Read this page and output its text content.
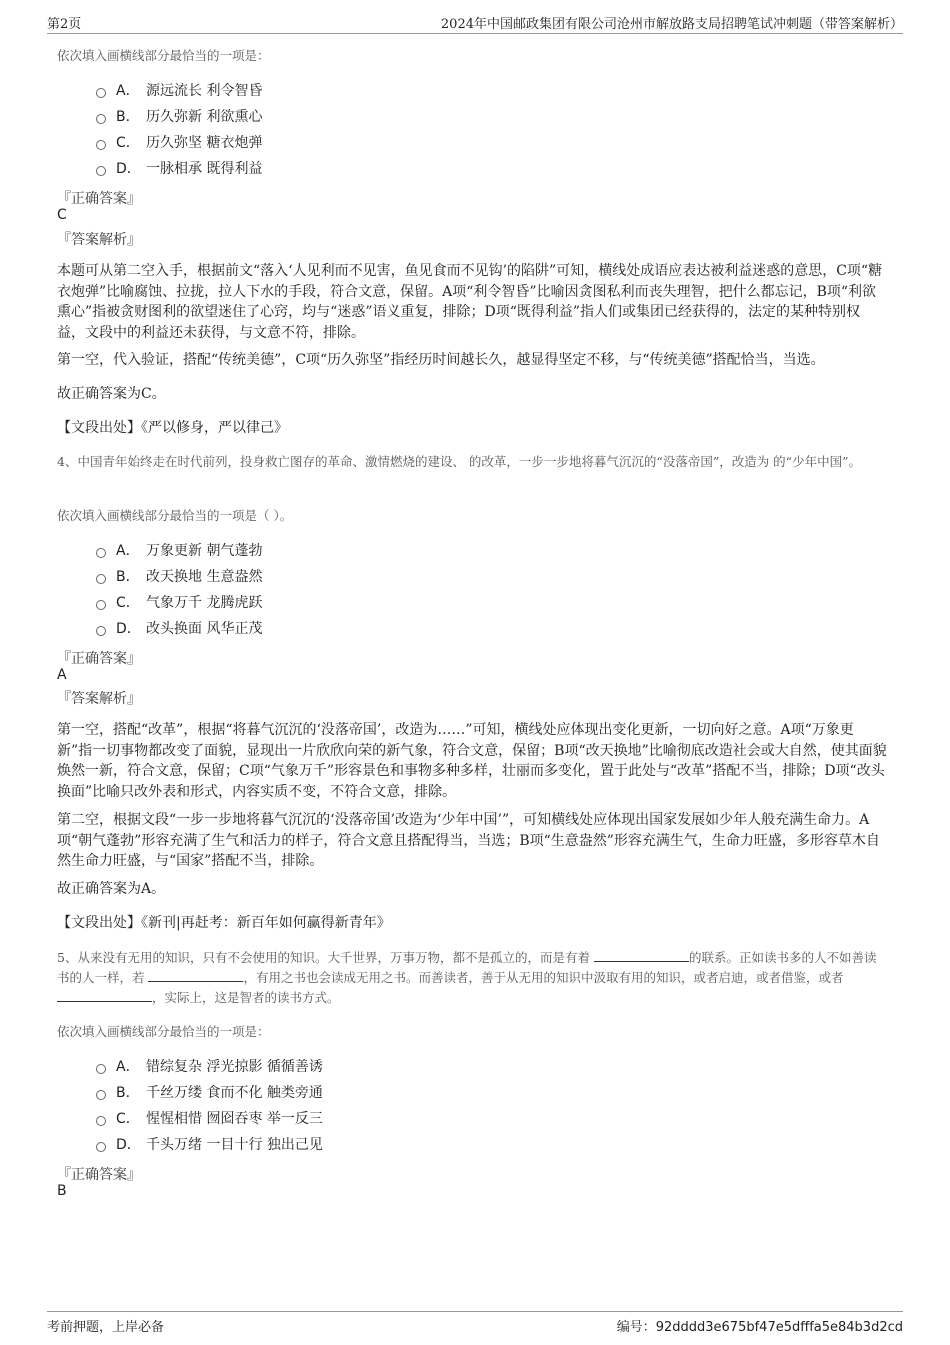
第2页	2024年中国邮政集团有限公司沧州市解放路支局招聘笔试冲刺题（带答案解析）
依次填入画横线部分最恰当的一项是：
A． 源远流长 利令智昏
B． 历久弥新 利欲熏心
C． 历久弥坚 糖衣炮弹
D． 一脉相承 既得利益
『正确答案』
C
『答案解析』
本题可从第二空入手，根据前文“落入‘人见利而不见害，鱼见食而不见钩’的陷阱”可知，横线处成语应表达被利益迷惑的意思，C项“糖衣炮弹”比喻腐蚀、拉拢，拉人下水的手段，符合文意，保留。A项“利令智昏”比喻因贪图私利而丧失理智，把什么都忘记，B项“利欲熏心”指被贪财图利的欲望迷住了心窍，均与“迷惑”语义重复，排除；D项“既得利益”指人们或集团已经获得的，法定的某种特别权益，文段中的利益还未获得，与文意不符，排除。
第一空，代入验证，搭配“传统美德”，C项“历久弥坚”指经历时间越长久，越显得坚定不移，与“传统美德”搭配恰当，当选。
故正确答案为C。
【文段出处】《严以修身，严以律己》
4、中国青年始终走在时代前列，投身救亡图存的革命、激情燃烧的建设、 的改革，一步一步地将暮气沉沉的“没落帝国”，改造为 的“少年中国”。
依次填入画横线部分最恰当的一项是（ ）。
A． 万象更新 朝气蓬勃
B． 改天换地 生意盎然
C． 气象万千 龙腾虎跃
D． 改头换面 风华正茂
『正确答案』
A
『答案解析』
第一空，搭配“改革”，根据“将暮气沉沉的‘没落帝国’，改造为……”可知，横线处应体现出变化更新，一切向好之意。A项“万象更新”指一切事物都改变了面貌，显现出一片欣欣向荣的新气象，符合文意，保留；B项“改天换地”比喻彻底改造社会或大自然，使其面貌焕然一新，符合文意，保留；C项“气象万千”形容景色和事物多种多样，壮丽而多变化，置于此处与“改革”搭配不当，排除；D项“改头换面”比喻只改外表和形式，内容实质不变，不符合文意，排除。
第二空，根据文段“一步一步地将暮气沉沉的‘没落帝国’改造为‘少年中国’”，可知横线处应体现出国家发展如少年人般充满生命力。A项“朝气蓬勃”形容充满了生气和活力的样子，符合文意且搭配得当，当选；B项“生意盎然”形容充满生气，生命力旺盛，多形容草木自然生命力旺盛，与“国家”搭配不当，排除。
故正确答案为A。
【文段出处】《新刊|再赶考：新百年如何赢得新青年》
5、从来没有无用的知识，只有不会使用的知识。大千世界，万事万物，都不是孤立的，而是有着	的联系。正如读书多的人不如善读书的人一样，若	，有用之书也会读成无用之书。而善读者，善于从无用的知识中汲取有用的知识，或者启迪，或者借鉴，或者 ，实际上，这是智者的读书方式。
依次填入画横线部分最恰当的一项是：
A． 错综复杂 浮光掠影 循循善诱
B． 千丝万缕 食而不化 触类旁通
C． 惺惺相惜 囫囵吞枣 举一反三
D． 千头万绪 一目十行 独出己见
『正确答案』
B
考前押题，上岸必备	编号：92dddd3e675bf47e5dfffa5e84b3d2cd
